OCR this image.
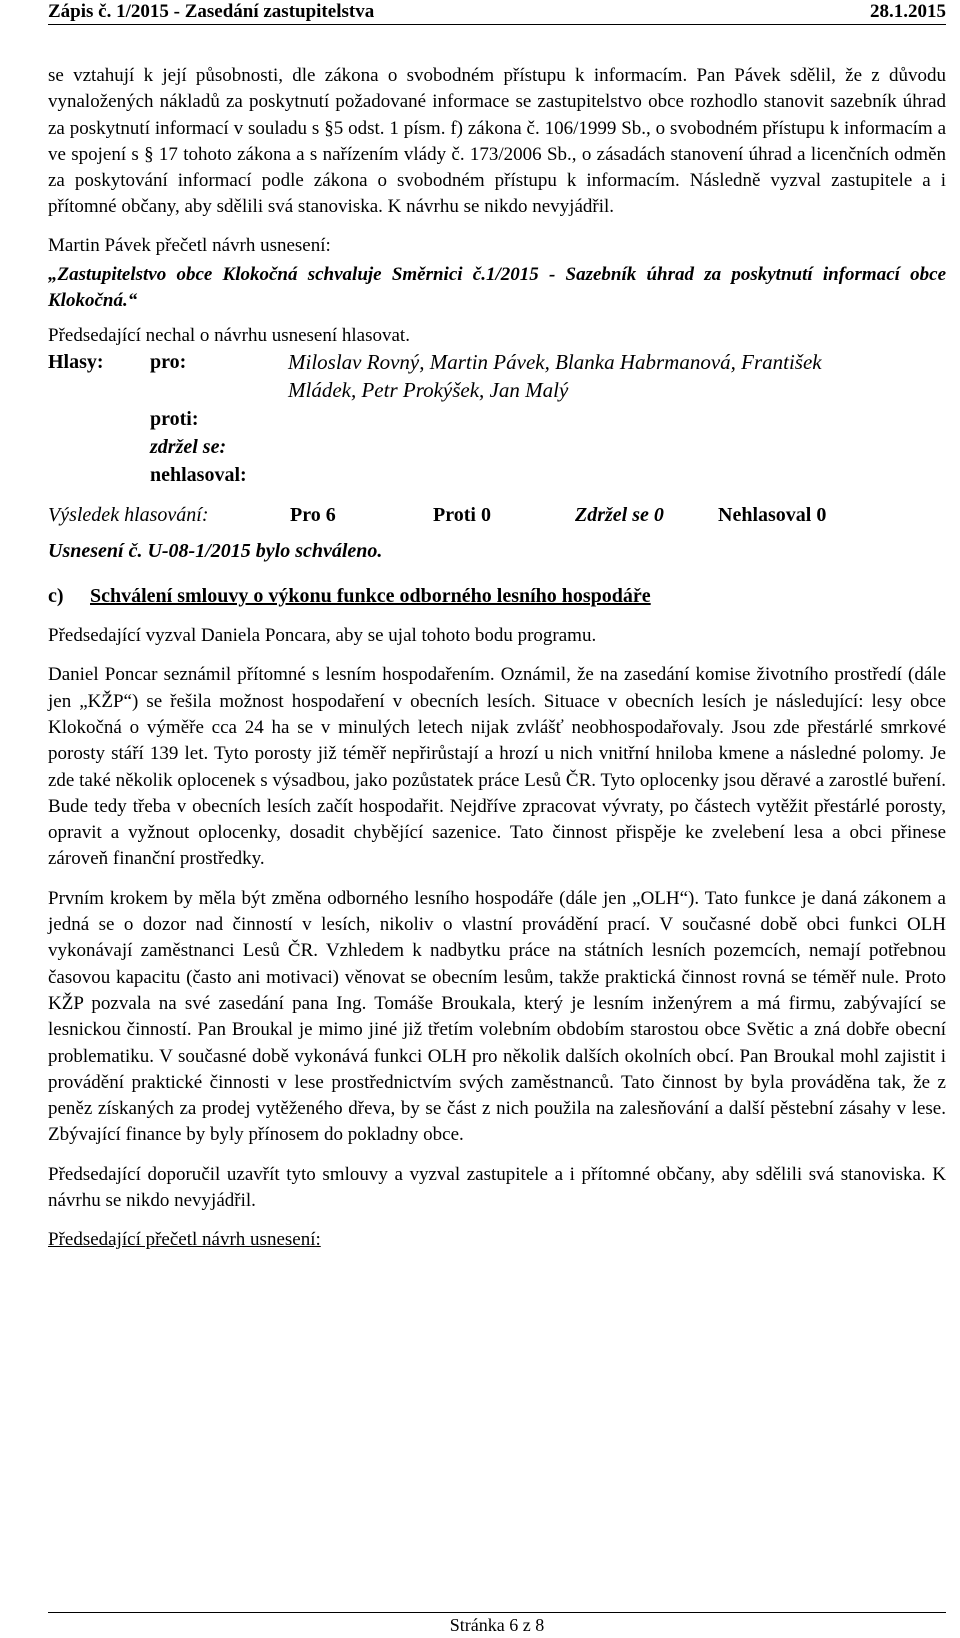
Zápis č. 1/2015 - Zasedání zastupitelstva	28.1.2015

se vztahují k její působnosti, dle zákona o svobodném přístupu k informacím. Pan Pávek sdělil, že z důvodu vynaložených nákladů za poskytnutí požadované informace se zastupitelstvo obce rozhodlo stanovit sazebník úhrad za poskytnutí informací v souladu s §5 odst. 1 písm. f) zákona č. 106/1999 Sb., o svobodném přístupu k informacím a ve spojení s § 17 tohoto zákona a s nařízením vlády č. 173/2006 Sb., o zásadách stanovení úhrad a licenčních odměn za poskytování informací podle zákona o svobodném přístupu k informacím. Následně vyzval zastupitele a i přítomné občany, aby sdělili svá stanoviska. K návrhu se nikdo nevyjádřil.

Martin Pávek přečetl návrh usnesení:

„Zastupitelstvo obce Klokočná schvaluje Směrnici č.1/2015 - Sazebník úhrad za poskytnutí informací obce Klokočná.“

Předsedající nechal o návrhu usnesení hlasovat.

Hlasy: pro:	Miloslav Rovný, Martin Pávek, Blanka Habrmanová, František
Mládek, Petr Prokýšek, Jan Malý
proti:
zdržel se:
nehlasoval:
Výsledek hlasování:	Pro 6	Proti 0	Zdržel se 0	Nehlasoval 0

Usnesení č. U-08-1/2015 bylo schváleno.

c) Schválení smlouvy o výkonu funkce odborného lesního hospodáře

Předsedající vyzval Daniela Poncara, aby se ujal tohoto bodu programu.

Daniel Poncar seznámil přítomné s lesním hospodařením. Oznámil, že na zasedání komise životního prostředí (dále jen „KŽP“) se řešila možnost hospodaření v obecních lesích. Situace v obecních lesích je následující: lesy obce Klokočná o výměře cca 24 ha se v minulých letech nijak zvlášť neobhospodařovaly. Jsou zde přestárlé smrkové porosty stáří 139 let. Tyto porosty již téměř nepřirůstají a hrozí u nich vnitřní hniloba kmene a následné polomy. Je zde také několik oplocenek s výsadbou, jako pozůstatek práce Lesů ČR. Tyto oplocenky jsou děravé a zarostlé buření. Bude tedy třeba v obecních lesích začít hospodařit. Nejdříve zpracovat vývraty, po částech vytěžit přestárlé porosty, opravit a vyžnout oplocenky, dosadit chybějící sazenice. Tato činnost přispěje ke zvelebení lesa a obci přinese zároveň finanční prostředky.

Prvním krokem by měla být změna odborného lesního hospodáře (dále jen „OLH“). Tato funkce je daná zákonem a jedná se o dozor nad činností v lesích, nikoliv o vlastní provádění prací. V současné době obci funkci OLH vykonávají zaměstnanci Lesů ČR. Vzhledem k nadbytku práce na státních lesních pozemcích, nemají potřebnou časovou kapacitu (často ani motivaci) věnovat se obecním lesům, takže praktická činnost rovná se téměř nule. Proto KŽP pozvala na své zasedání pana Ing. Tomáše Broukala, který je lesním inženýrem a má firmu, zabývající se lesnickou činností. Pan Broukal je mimo jiné již třetím volebním obdobím starostou obce Světic a zná dobře obecní problematiku. V současné době vykonává funkci OLH pro několik dalších okolních obcí. Pan Broukal mohl zajistit i provádění praktické činnosti v lese prostřednictvím svých zaměstnanců. Tato činnost by byla prováděna tak, že z peněz získaných za prodej vytěženého dřeva, by se část z nich použila na zalesňování a další pěstební zásahy v lese. Zbývající finance by byly přínosem do pokladny obce.

Předsedající doporučil uzavřít tyto smlouvy a vyzval zastupitele a i přítomné občany, aby sdělili svá stanoviska. K návrhu se nikdo nevyjádřil.

Předsedající přečetl návrh usnesení:

Stránka 6 z 8
